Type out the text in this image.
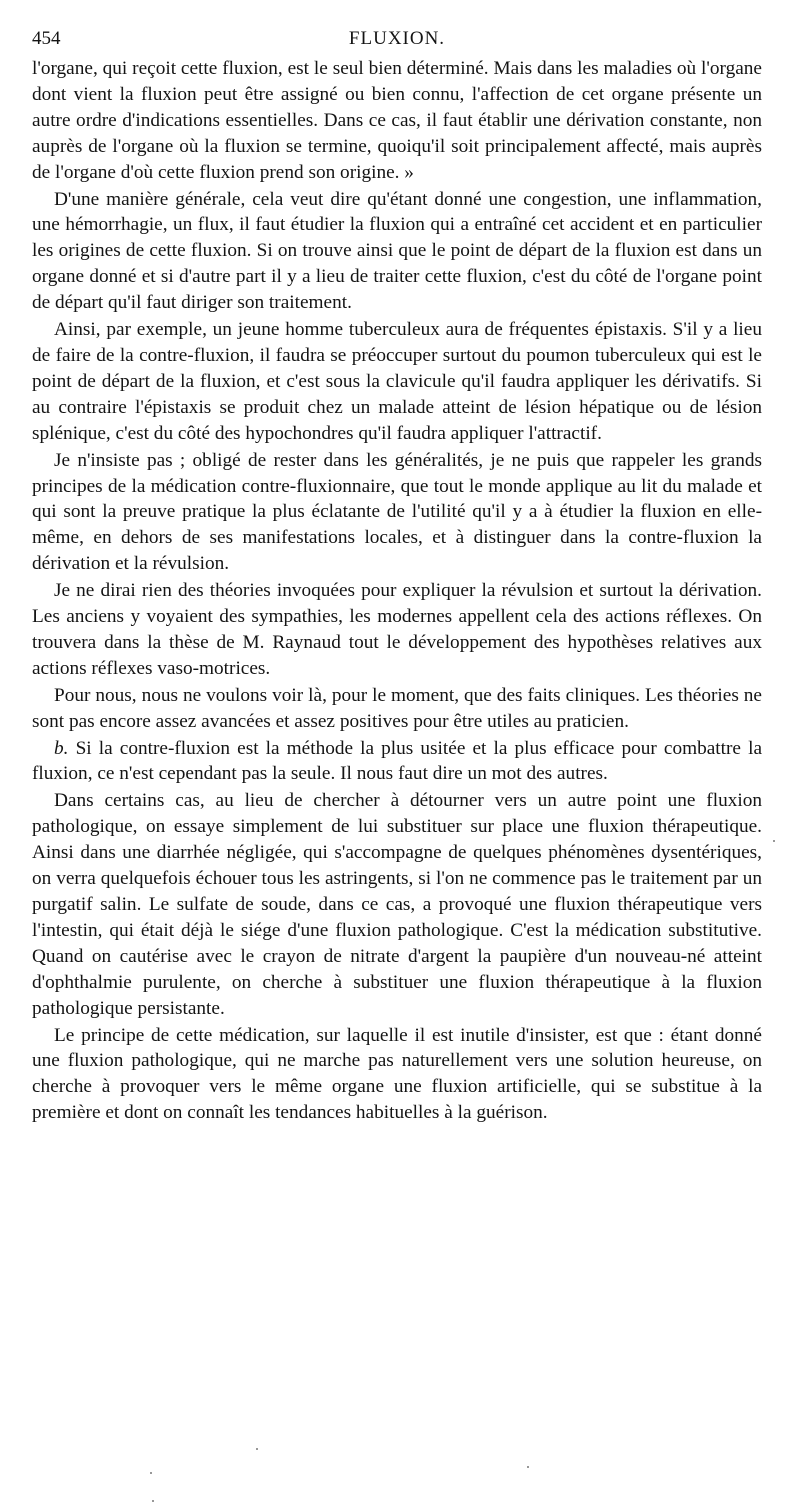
454	FLUXION.

l'organe, qui reçoit cette fluxion, est le seul bien déterminé. Mais dans les maladies où l'organe dont vient la fluxion peut être assigné ou bien connu, l'affection de cet organe présente un autre ordre d'indications essentielles. Dans ce cas, il faut établir une dérivation constante, non auprès de l'organe où la fluxion se termine, quoiqu'il soit principalement affecté, mais auprès de l'organe d'où cette fluxion prend son origine. »

D'une manière générale, cela veut dire qu'étant donné une congestion, une inflammation, une hémorrhagie, un flux, il faut étudier la fluxion qui a entraîné cet accident et en particulier les origines de cette fluxion. Si on trouve ainsi que le point de départ de la fluxion est dans un organe donné et si d'autre part il y a lieu de traiter cette fluxion, c'est du côté de l'organe point de départ qu'il faut diriger son traitement.

Ainsi, par exemple, un jeune homme tuberculeux aura de fréquentes épistaxis. S'il y a lieu de faire de la contre-fluxion, il faudra se préoccuper surtout du poumon tuberculeux qui est le point de départ de la fluxion, et c'est sous la clavicule qu'il faudra appliquer les dérivatifs. Si au contraire l'épistaxis se produit chez un malade atteint de lésion hépatique ou de lésion splénique, c'est du côté des hypochondres qu'il faudra appliquer l'attractif.

Je n'insiste pas ; obligé de rester dans les généralités, je ne puis que rappeler les grands principes de la médication contre-fluxionnaire, que tout le monde applique au lit du malade et qui sont la preuve pratique la plus éclatante de l'utilité qu'il y a à étudier la fluxion en elle-même, en dehors de ses manifestations locales, et à distinguer dans la contre-fluxion la dérivation et la révulsion.

Je ne dirai rien des théories invoquées pour expliquer la révulsion et surtout la dérivation. Les anciens y voyaient des sympathies, les modernes appellent cela des actions réflexes. On trouvera dans la thèse de M. Raynaud tout le développement des hypothèses relatives aux actions réflexes vaso-motrices.

Pour nous, nous ne voulons voir là, pour le moment, que des faits cliniques. Les théories ne sont pas encore assez avancées et assez positives pour être utiles au praticien.

b. Si la contre-fluxion est la méthode la plus usitée et la plus efficace pour combattre la fluxion, ce n'est cependant pas la seule. Il nous faut dire un mot des autres.

Dans certains cas, au lieu de chercher à détourner vers un autre point une fluxion pathologique, on essaye simplement de lui substituer sur place une fluxion thérapeutique. Ainsi dans une diarrhée négligée, qui s'accompagne de quelques phénomènes dysentériques, on verra quelquefois échouer tous les astringents, si l'on ne commence pas le traitement par un purgatif salin. Le sulfate de soude, dans ce cas, a provoqué une fluxion thérapeutique vers l'intestin, qui était déjà le siége d'une fluxion pathologique. C'est la médication substitutive. Quand on cautérise avec le crayon de nitrate d'argent la paupière d'un nouveau-né atteint d'ophthalmie purulente, on cherche à substituer une fluxion thérapeutique à la fluxion pathologique persistante.

Le principe de cette médication, sur laquelle il est inutile d'insister, est que : étant donné une fluxion pathologique, qui ne marche pas naturellement vers une solution heureuse, on cherche à provoquer vers le même organe une fluxion artificielle, qui se substitue à la première et dont on connaît les tendances habituelles à la guérison.
